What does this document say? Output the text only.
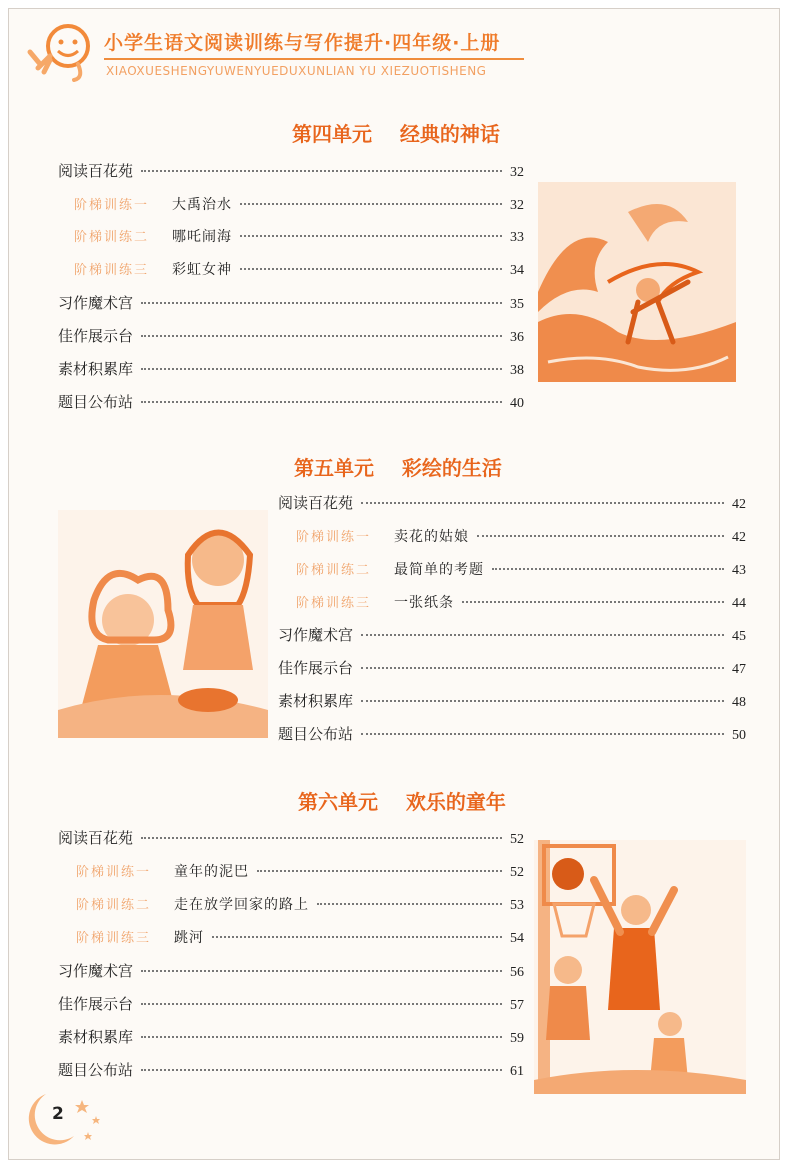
小学生语文阅读训练与写作提升·四年级·上册
XIAOXUESHENGYUWENYUEDUXUNLIAN YU XIEZUOTISHENG
第四单元    经典的神话
阅读百花苑	32
阶梯训练一	大禹治水	32
阶梯训练二	哪吒闹海	33
阶梯训练三	彩虹女神	34
习作魔术宫	35
佳作展示台	36
素材积累库	38
题目公布站	40
第五单元    彩绘的生活
阅读百花苑	42
阶梯训练一	卖花的姑娘	42
阶梯训练二	最简单的考题	43
阶梯训练三	一张纸条	44
习作魔术宫	45
佳作展示台	47
素材积累库	48
题目公布站	50
第六单元    欢乐的童年
阅读百花苑	52
阶梯训练一	童年的泥巴	52
阶梯训练二	走在放学回家的路上	53
阶梯训练三	跳河	54
习作魔术宫	56
佳作展示台	57
素材积累库	59
题目公布站	61
2
